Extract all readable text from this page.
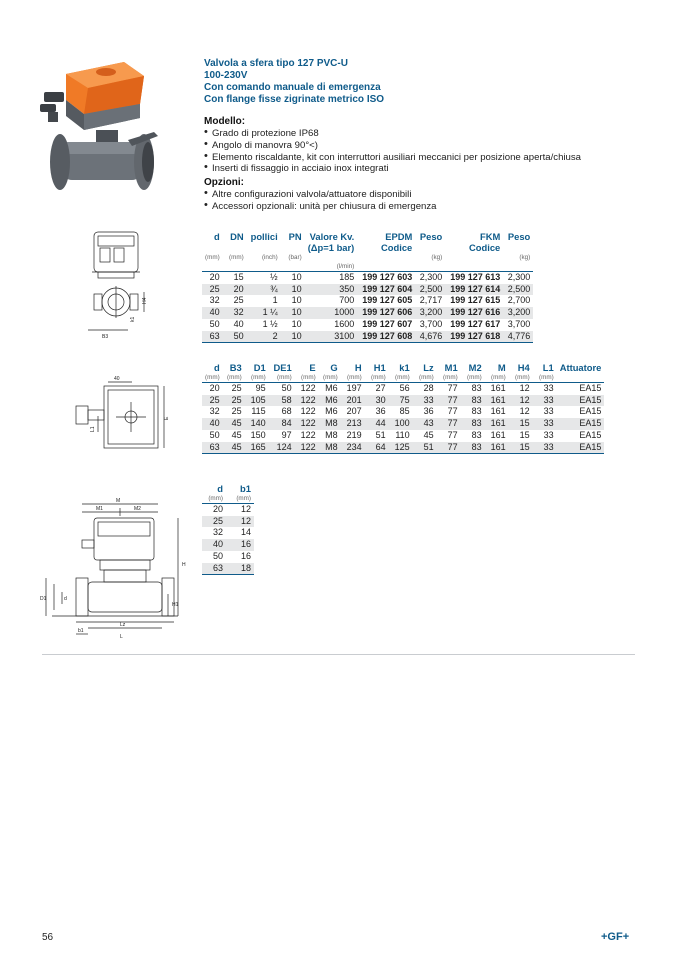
H4
B3
k1
40
E
L1
M
M1	M2
H
H1
D1	d
b1
L
Lz
Valvola a sfera tipo 127 PVC-U
100-230V
Con comando manuale di emergenza
Con flange fisse zigrinate metrico ISO
Modello:
• Grado di protezione IP68
• Angolo di manovra 90°<)
• Elemento riscaldante, kit con interruttori ausiliari meccanici per posizione aperta/chiusa
• Inserti di fissaggio in acciaio inox integrati
Opzioni:
• Altre configurazioni valvola/attuatore disponibili
• Accessori opzionali: unità per chiusura di emergenza
d	DN	pollici	PN	Valore Kv.	EPDM	Peso	FKM	Peso
				(Δp=1 bar)	Codice		Codice	
(mm)	(mm)	(inch)	(bar)			(kg)		(kg)
				(l/min)				
20	15	½	10	185	199 127 603	2,300	199 127 613	2,300
25	20	¾	10	350	199 127 604	2,500	199 127 614	2,500
32	25	1	10	700	199 127 605	2,717	199 127 615	2,700
40	32	1 ¼	10	1000	199 127 606	3,200	199 127 616	3,200
50	40	1 ½	10	1600	199 127 607	3,700	199 127 617	3,700
63	50	2	10	3100	199 127 608	4,676	199 127 618	4,776
d	B3	D1	DE1	E	G	H	H1	k1	Lz	M1	M2	M	H4	L1	Attuatore
(mm)	(mm)	(mm)	(mm)	(mm)	(mm)	(mm)	(mm)	(mm)	(mm)	(mm)	(mm)	(mm)	(mm)	(mm)	
20	25	95	50	122	M6	197	27	56	28	77	83	161	12	33	EA15
25	25	105	58	122	M6	201	30	75	33	77	83	161	12	33	EA15
32	25	115	68	122	M6	207	36	85	36	77	83	161	12	33	EA15
40	45	140	84	122	M8	213	44	100	43	77	83	161	15	33	EA15
50	45	150	97	122	M8	219	51	110	45	77	83	161	15	33	EA15
63	45	165	124	122	M8	234	64	125	51	77	83	161	15	33	EA15
d	b1
(mm)	(mm)
20	12
25	12
32	14
40	16
50	16
63	18
56	+GF+
